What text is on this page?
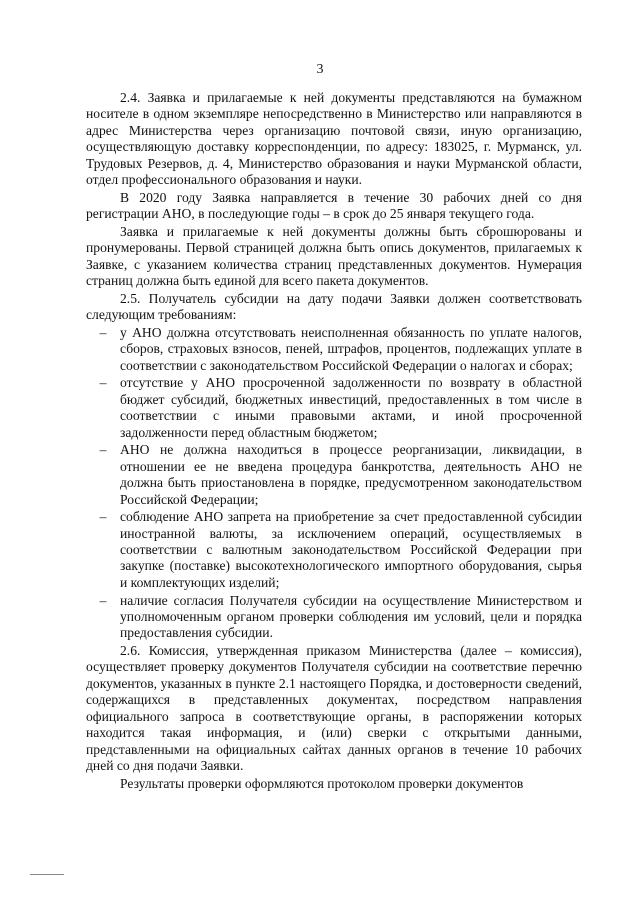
3

2.4. Заявка и прилагаемые к ней документы представляются на бумажном носителе в одном экземпляре непосредственно в Министерство или направляются в адрес Министерства через организацию почтовой связи, иную организацию, осуществляющую доставку корреспонденции, по адресу: 183025, г. Мурманск, ул. Трудовых Резервов, д. 4, Министерство образования и науки Мурманской области, отдел профессионального образования и науки.

В 2020 году Заявка направляется в течение 30 рабочих дней со дня регистрации АНО, в последующие годы – в срок до 25 января текущего года.

Заявка и прилагаемые к ней документы должны быть сброшюрованы и пронумерованы. Первой страницей должна быть опись документов, прилагаемых к Заявке, с указанием количества страниц представленных документов. Нумерация страниц должна быть единой для всего пакета документов.

2.5. Получатель субсидии на дату подачи Заявки должен соответствовать следующим требованиям:

–	у АНО должна отсутствовать неисполненная обязанность по уплате налогов, сборов, страховых взносов, пеней, штрафов, процентов, подлежащих уплате в соответствии с законодательством Российской Федерации о налогах и сборах;
–	отсутствие у АНО просроченной задолженности по возврату в областной бюджет субсидий, бюджетных инвестиций, предоставленных в том числе в соответствии с иными правовыми актами, и иной просроченной задолженности перед областным бюджетом;
–	АНО не должна находиться в процессе реорганизации, ликвидации, в отношении ее не введена процедура банкротства, деятельность АНО не должна быть приостановлена в порядке, предусмотренном законодательством Российской Федерации;
–	соблюдение АНО запрета на приобретение за счет предоставленной субсидии иностранной валюты, за исключением операций, осуществляемых в соответствии с валютным законодательством Российской Федерации при закупке (поставке) высокотехнологического импортного оборудования, сырья и комплектующих изделий;
–	наличие согласия Получателя субсидии на осуществление Министерством и уполномоченным органом проверки соблюдения им условий, цели и порядка предоставления субсидии.

2.6. Комиссия, утвержденная приказом Министерства (далее – комиссия), осуществляет проверку документов Получателя субсидии на соответствие перечню документов, указанных в пункте 2.1 настоящего Порядка, и достоверности сведений, содержащихся в представленных документах, посредством направления официального запроса в соответствующие органы, в распоряжении которых находится такая информация, и (или) сверки с открытыми данными, представленными на официальных сайтах данных органов в течение 10 рабочих дней со дня подачи Заявки.

Результаты проверки оформляются протоколом проверки документов
